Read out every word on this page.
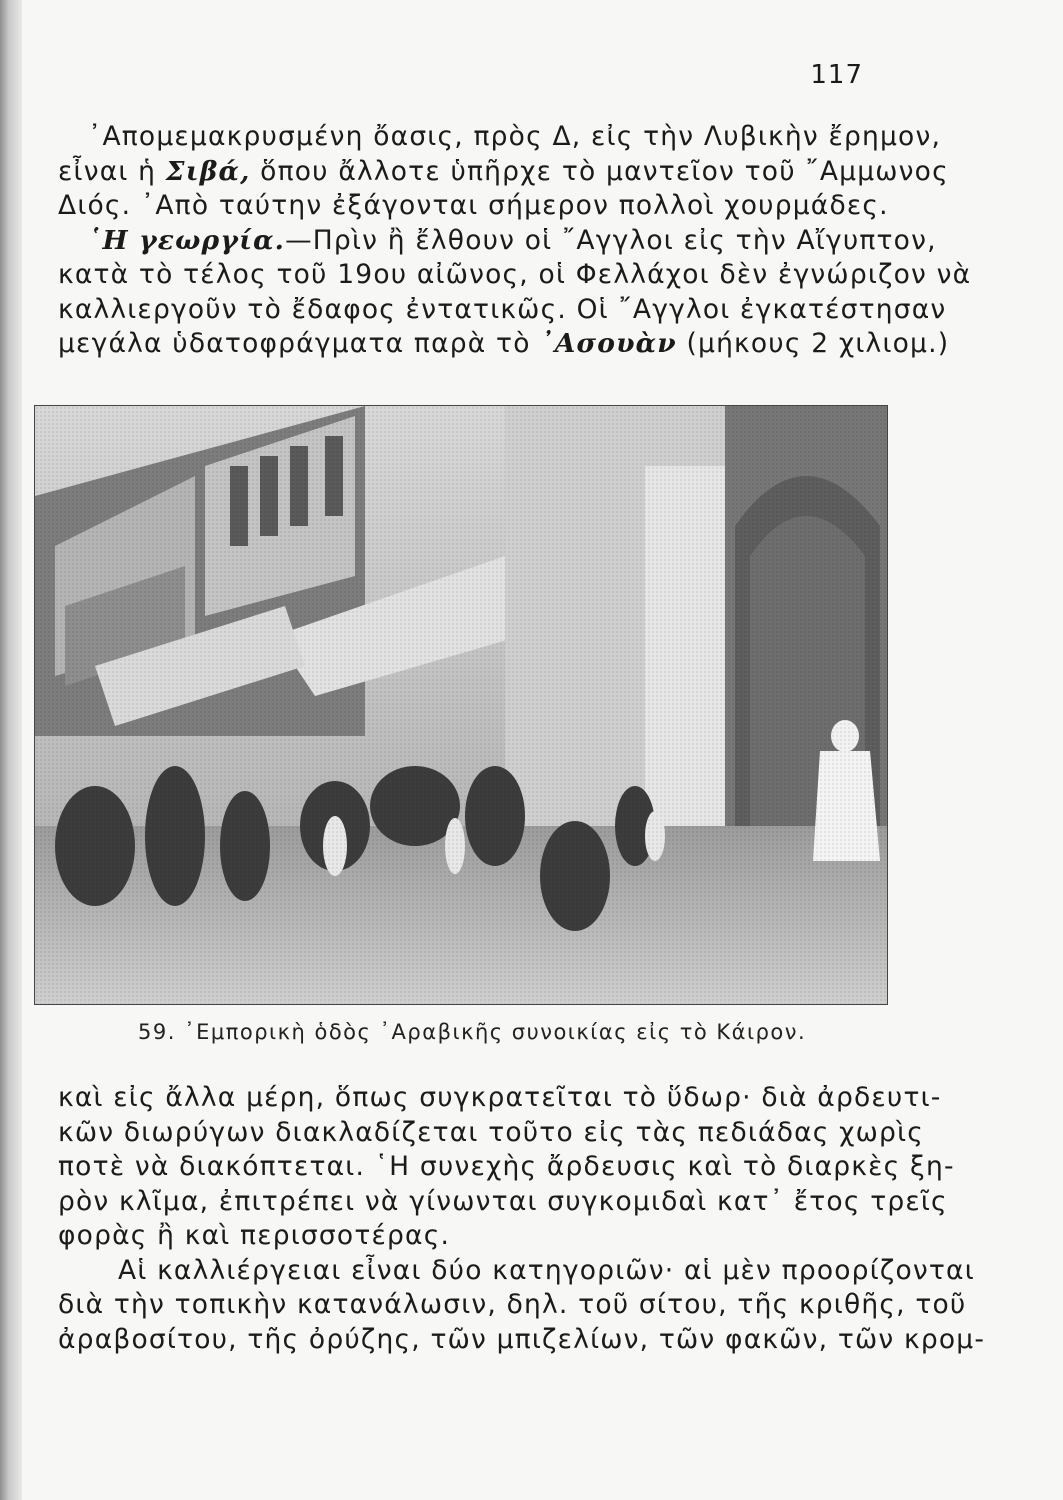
117
᾿Απομεμακρυσμένη ὄασις, πρὸς Δ, εἰς τὴν Λυβικὴν ἔρημον,
εἶναι ἡ Σιβά, ὅπου ἄλλοτε ὑπῆρχε τὸ μαντεῖον τοῦ ῎Αμμωνος
Διός. ᾿Απὸ ταύτην ἐξάγονται σήμερον πολλοὶ χουρμάδες.
῾Η γεωργία.—Πρὶν ἢ ἔλθουν οἱ ῎Αγγλοι εἰς τὴν Αἴγυπτον,
κατὰ τὸ τέλος τοῦ 19ου αἰῶνος, οἱ Φελλάχοι δὲν ἐγνώριζον νὰ
καλλιεργοῦν τὸ ἔδαφος ἐντατικῶς. Οἱ ῎Αγγλοι ἐγκατέστησαν
μεγάλα ὑδατοφράγματα παρὰ τὸ ᾿Ασουὰν (μήκους 2 χιλιομ.)
59. ᾿Εμπορικὴ ὁδὸς ᾿Αραβικῆς συνοικίας εἰς τὸ Κάιρον.
καὶ εἰς ἄλλα μέρη, ὅπως συγκρατεῖται τὸ ὕδωρ· διὰ ἀρδευτι-
κῶν διωρύγων διακλαδίζεται τοῦτο εἰς τὰς πεδιάδας χωρὶς
ποτὲ νὰ διακόπτεται. ῾Η συνεχὴς ἄρδευσις καὶ τὸ διαρκὲς ξη-
ρὸν κλῖμα, ἐπιτρέπει νὰ γίνωνται συγκομιδαὶ κατ᾿ ἔτος τρεῖς
φορὰς ἢ καὶ περισσοτέρας.
Αἱ καλλιέργειαι εἶναι δύο κατηγοριῶν· αἱ μὲν προορίζονται
διὰ τὴν τοπικὴν κατανάλωσιν, δηλ. τοῦ σίτου, τῆς κριθῆς, τοῦ
ἀραβοσίτου, τῆς ὀρύζης, τῶν μπιζελίων, τῶν φακῶν, τῶν κρομ-
